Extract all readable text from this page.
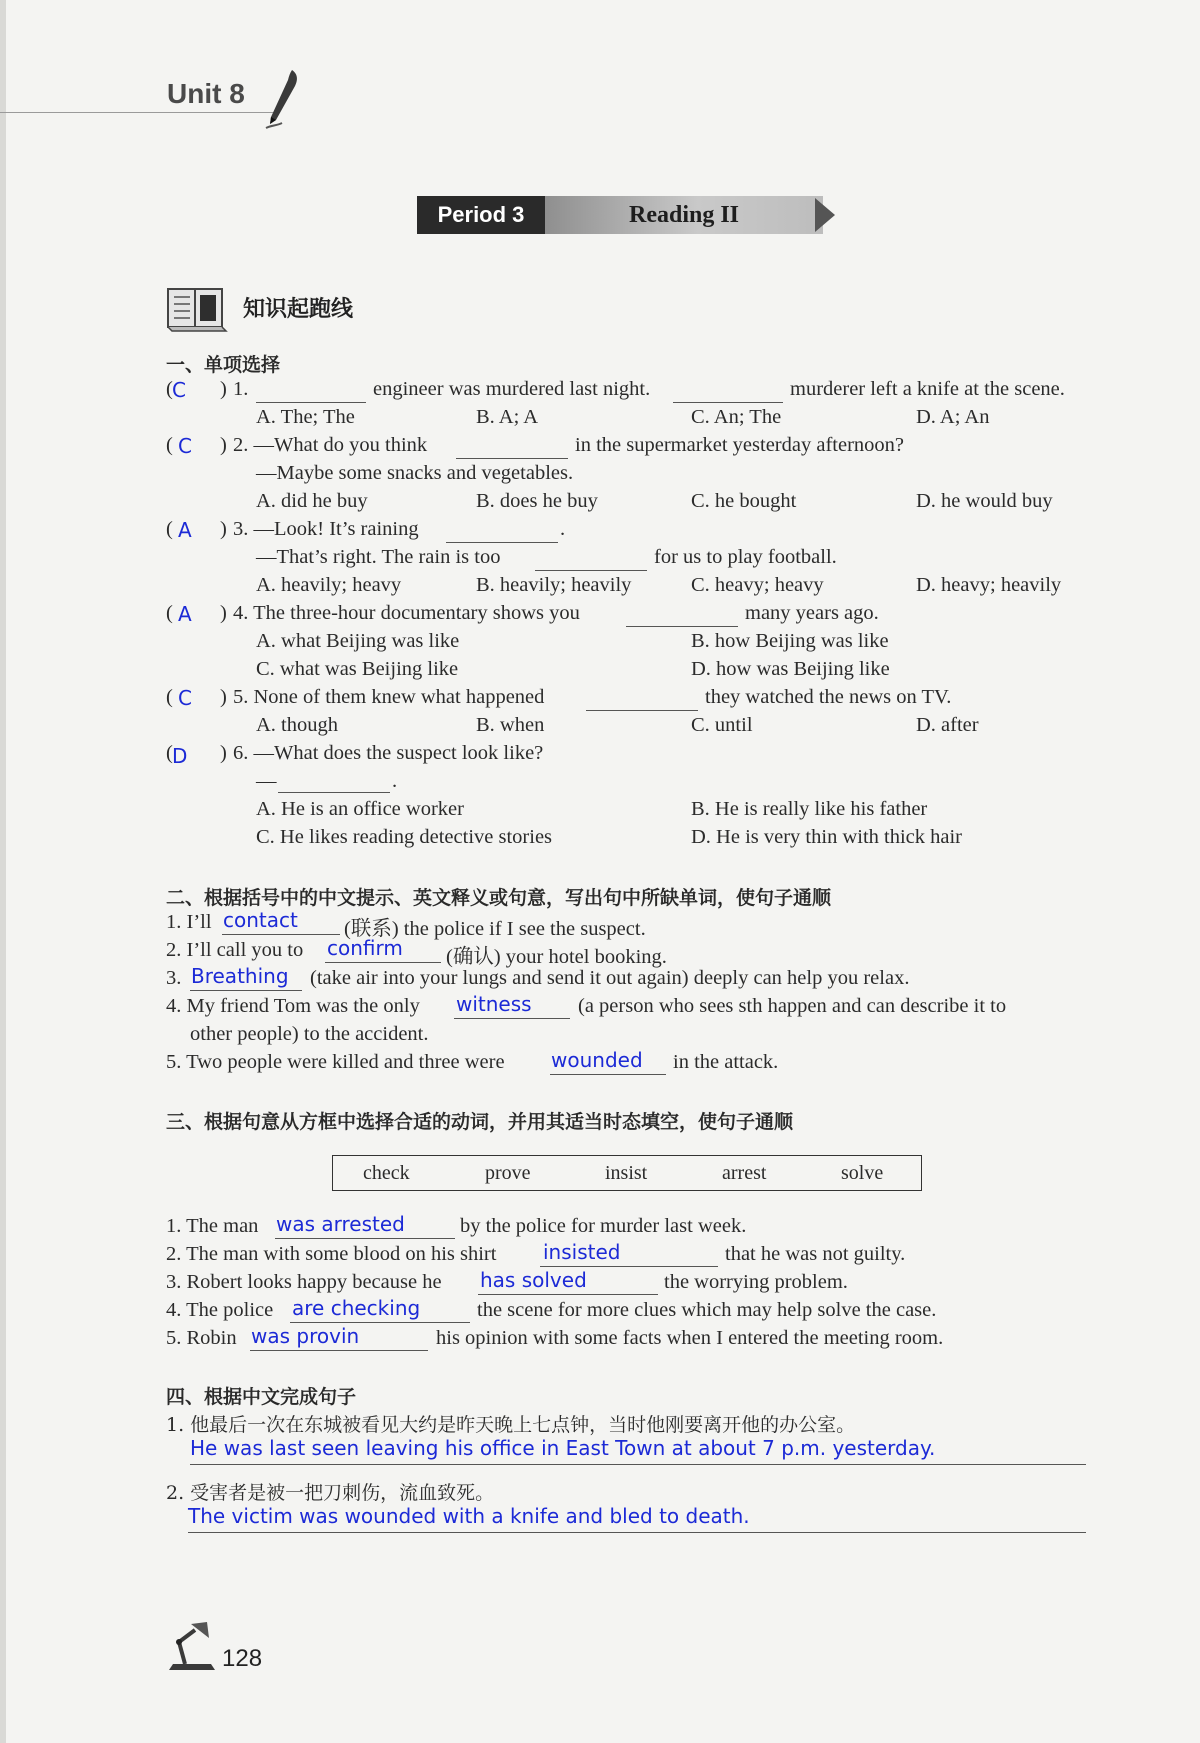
Unit 8
Period 3	Reading II
知识起跑线
一、单项选择
( C ) 1.	engineer was murdered last night.	murderer left a knife at the scene.
A. The; The	B. A; A	C. An; The	D. A; An
( C ) 2. —What do you think	in the supermarket yesterday afternoon?
—Maybe some snacks and vegetables.
A. did he buy	B. does he buy	C. he bought	D. he would buy
( A ) 3. —Look! It’s raining	.
—That’s right. The rain is too	for us to play football.
A. heavily; heavy	B. heavily; heavily	C. heavy; heavy	D. heavy; heavily
( A ) 4. The three-hour documentary shows you	many years ago.
A. what Beijing was like	B. how Beijing was like
C. what was Beijing like	D. how was Beijing like
( C ) 5. None of them knew what happened	they watched the news on TV.
A. though	B. when	C. until	D. after
( D ) 6. —What does the suspect look like?
—	.
A. He is an office worker	B. He is really like his father
C. He likes reading detective stories	D. He is very thin with thick hair
二、根据括号中的中文提示、英文释义或句意，写出句中所缺单词，使句子通顺
1. I’ll contact (联系) the police if I see the suspect.
2. I’ll call you to confirm (确认) your hotel booking.
3. Breathing (take air into your lungs and send it out again) deeply can help you relax.
4. My friend Tom was the only witness (a person who sees sth happen and can describe it to
other people) to the accident.
5. Two people were killed and three were wounded in the attack.
三、根据句意从方框中选择合适的动词，并用其适当时态填空，使句子通顺
check	prove	insist	arrest	solve
1. The man was arrested	by the police for murder last week.
2. The man with some blood on his shirt insisted	that he was not guilty.
3. Robert looks happy because he has solved	the worrying problem.
4. The police are checking	the scene for more clues which may help solve the case.
5. Robin was provin	his opinion with some facts when I entered the meeting room.
四、根据中文完成句子
1. 他最后一次在东城被看见大约是昨天晚上七点钟，当时他刚要离开他的办公室。
He was last seen leaving his office in East Town at about 7 p.m. yesterday.
2. 受害者是被一把刀刺伤，流血致死。
The victim was wounded with a knife and bled to death.
128
